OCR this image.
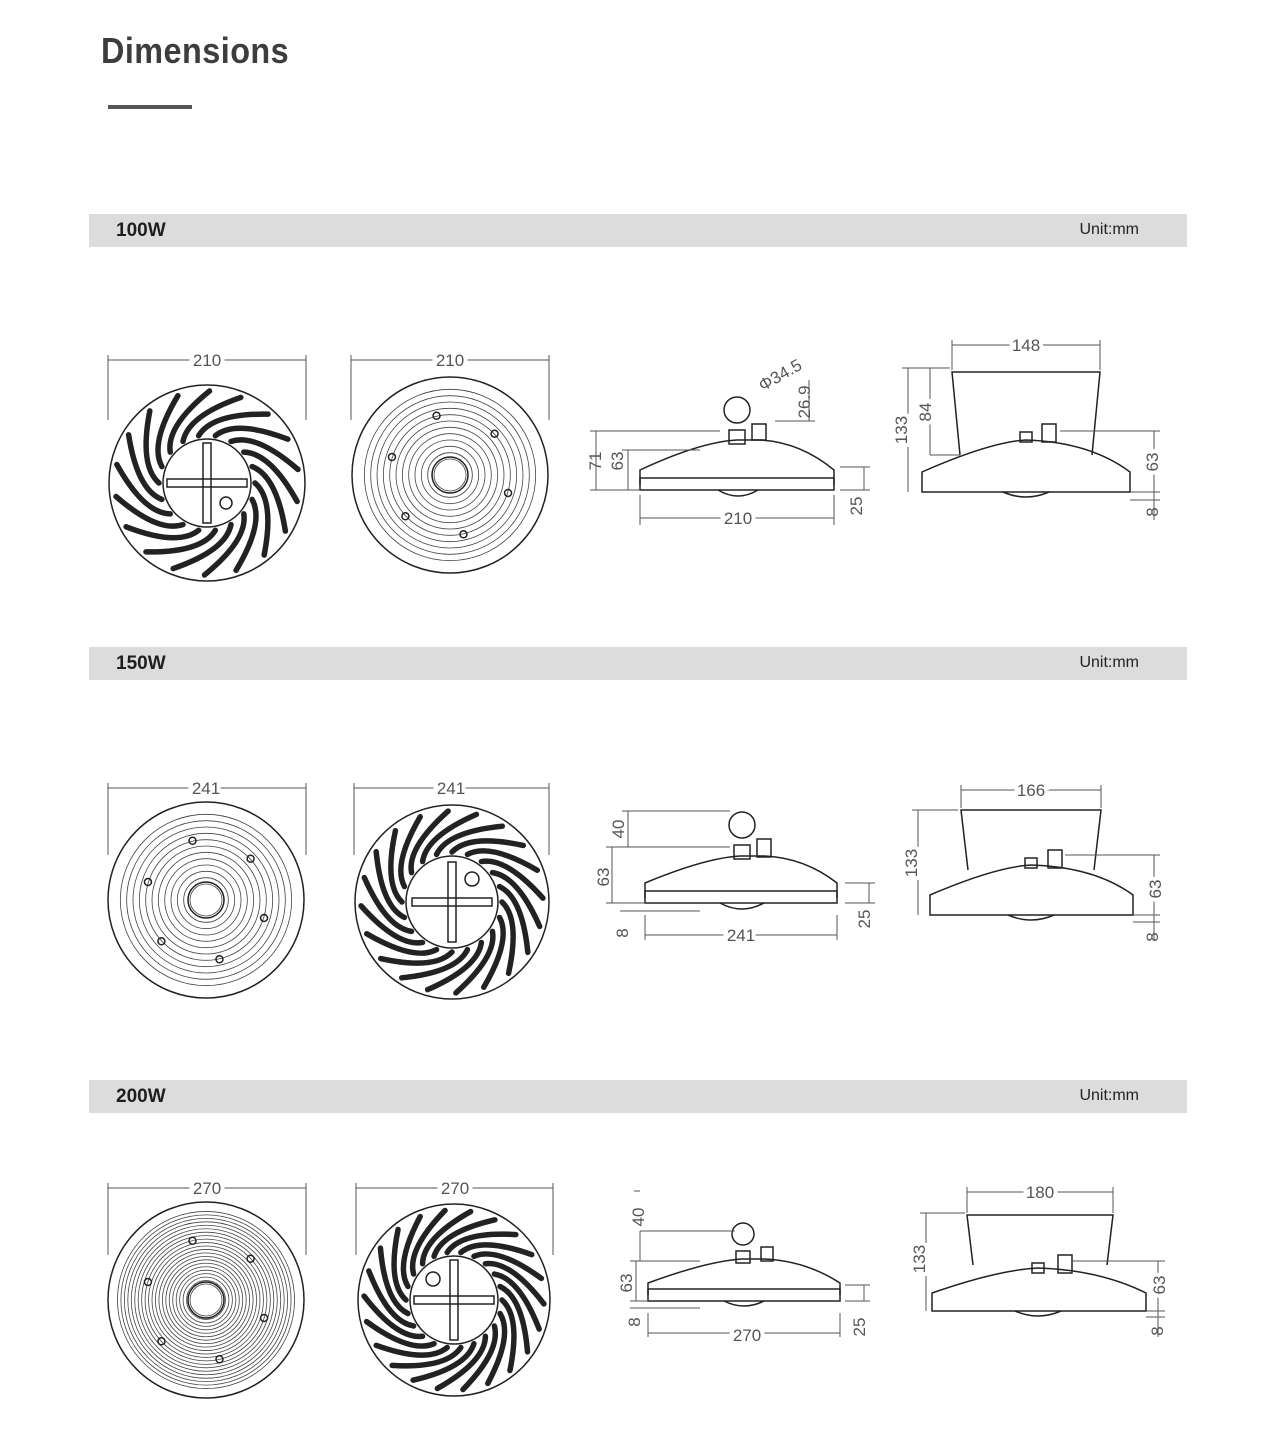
Dimensions
100W	Unit:mm
150W	Unit:mm
200W	Unit:mm
210	210
71 63
26.9
Φ34.5
25
210
148
133
84
63
8
241	241
40
63
8
25
241
166
133
63
8
270	270
40
63
8	25
270
180
133
63
8
